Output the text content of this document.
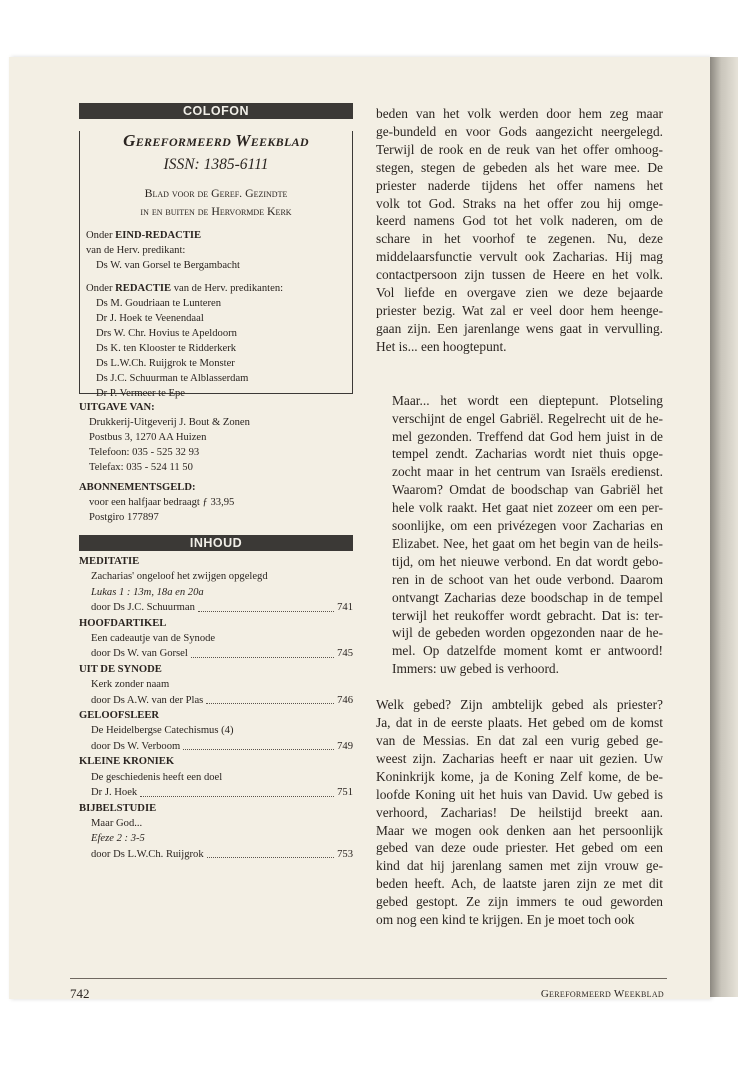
COLOFON
Gereformeerd Weekblad
ISSN: 1385-6111
Blad voor de Geref. Gezindte
in en buiten de Hervormde Kerk
Onder EIND-REDACTIE
van de Herv. predikant:
Ds W. van Gorsel te Bergambacht
Onder REDACTIE van de Herv. predikanten:
Ds M. Goudriaan te Lunteren
Dr J. Hoek te Veenendaal
Drs W. Chr. Hovius te Apeldoorn
Ds K. ten Klooster te Ridderkerk
Ds L.W.Ch. Ruijgrok te Monster
Ds J.C. Schuurman te Alblasserdam
Dr P. Vermeer te Epe
UITGAVE VAN:
Drukkerij-Uitgeverij J. Bout & Zonen
Postbus 3, 1270 AA Huizen
Telefoon: 035 - 525 32 93
Telefax: 035 - 524 11 50
ABONNEMENTSGELD:
voor een halfjaar bedraagt ƒ 33,95
Postgiro 177897
INHOUD
MEDITATIE
Zacharias' ongeloof het zwijgen opgelegd
Lukas 1 : 13m, 18a en 20a
door Ds J.C. Schuurman	741
HOOFDARTIKEL
Een cadeautje van de Synode
door Ds W. van Gorsel	745
UIT DE SYNODE
Kerk zonder naam
door Ds A.W. van der Plas	746
GELOOFSLEER
De Heidelbergse Catechismus (4)
door Ds W. Verboom	749
KLEINE KRONIEK
De geschiedenis heeft een doel
Dr J. Hoek	751
BIJBELSTUDIE
Maar God...
Efeze 2 : 3-5
door Ds L.W.Ch. Ruijgrok	753

beden van het volk werden door hem zeg maar
ge-bundeld en voor Gods aangezicht neergelegd.
Terwijl de rook en de reuk van het offer omhoog-
stegen, stegen de gebeden als het ware mee. De
priester naderde tijdens het offer namens het
volk tot God. Straks na het offer zou hij omge-
keerd namens God tot het volk naderen, om de
schare in het voorhof te zegenen. Nu, deze
middelaarsfunctie vervult ook Zacharias. Hij mag
contactpersoon zijn tussen de Heere en het volk.
Vol liefde en overgave zien we deze bejaarde
priester bezig. Wat zal er veel door hem heenge-
gaan zijn. Een jarenlange wens gaat in vervulling.
Het is... een hoogtepunt.

Maar... het wordt een dieptepunt. Plotseling
verschijnt de engel Gabriël. Regelrecht uit de he-
mel gezonden. Treffend dat God hem juist in de
tempel zendt. Zacharias wordt niet thuis opge-
zocht maar in het centrum van Israëls eredienst.
Waarom? Omdat de boodschap van Gabriël het
hele volk raakt. Het gaat niet zozeer om een per-
soonlijke, om een privézegen voor Zacharias en
Elizabet. Nee, het gaat om het begin van de heils-
tijd, om het nieuwe verbond. En dat wordt gebo-
ren in de schoot van het oude verbond. Daarom
ontvangt Zacharias deze boodschap in de tempel
terwijl het reukoffer wordt gebracht. Dat is: ter-
wijl de gebeden worden opgezonden naar de he-
mel. Op datzelfde moment komt er antwoord!
Immers: uw gebed is verhoord.

Welk gebed? Zijn ambtelijk gebed als priester?
Ja, dat in de eerste plaats. Het gebed om de komst
van de Messias. En dat zal een vurig gebed ge-
weest zijn. Zacharias heeft er naar uit gezien. Uw
Koninkrijk kome, ja de Koning Zelf kome, de be-
loofde Koning uit het huis van David. Uw gebed is
verhoord, Zacharias! De heilstijd breekt aan.
Maar we mogen ook denken aan het persoonlijk
gebed van deze oude priester. Het gebed om een
kind dat hij jarenlang samen met zijn vrouw ge-
beden heeft. Ach, de laatste jaren zijn ze met dit
gebed gestopt. Ze zijn immers te oud geworden
om nog een kind te krijgen. En je moet toch ook

742	Gereformeerd Weekblad
